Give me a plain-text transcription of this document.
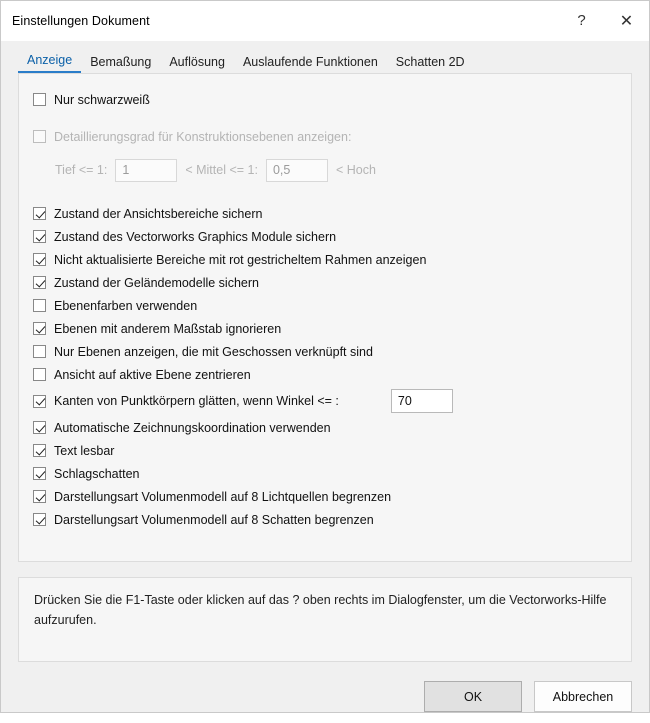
Einstellungen Dokument	?	✕
Anzeige	Bemaßung	Auflösung	Auslaufende Funktionen	Schatten 2D
Nur schwarzweiß
Detaillierungsgrad für Konstruktionsebenen anzeigen:
Tief <= 1:	1	< Mittel <= 1:	0,5	< Hoch
Zustand der Ansichtsbereiche sichern
Zustand des Vectorworks Graphics Module sichern
Nicht aktualisierte Bereiche mit rot gestricheltem Rahmen anzeigen
Zustand der Geländemodelle sichern
Ebenenfarben verwenden
Ebenen mit anderem Maßstab ignorieren
Nur Ebenen anzeigen, die mit Geschossen verknüpft sind
Ansicht auf aktive Ebene zentrieren
Kanten von Punktkörpern glätten, wenn Winkel <= :	70
Automatische Zeichnungskoordination verwenden
Text lesbar
Schlagschatten
Darstellungsart Volumenmodell auf 8 Lichtquellen begrenzen
Darstellungsart Volumenmodell auf 8 Schatten begrenzen
Drücken Sie die F1-Taste oder klicken auf das ? oben rechts im Dialogfenster, um die Vectorworks-Hilfe aufzurufen.
OK	Abbrechen
